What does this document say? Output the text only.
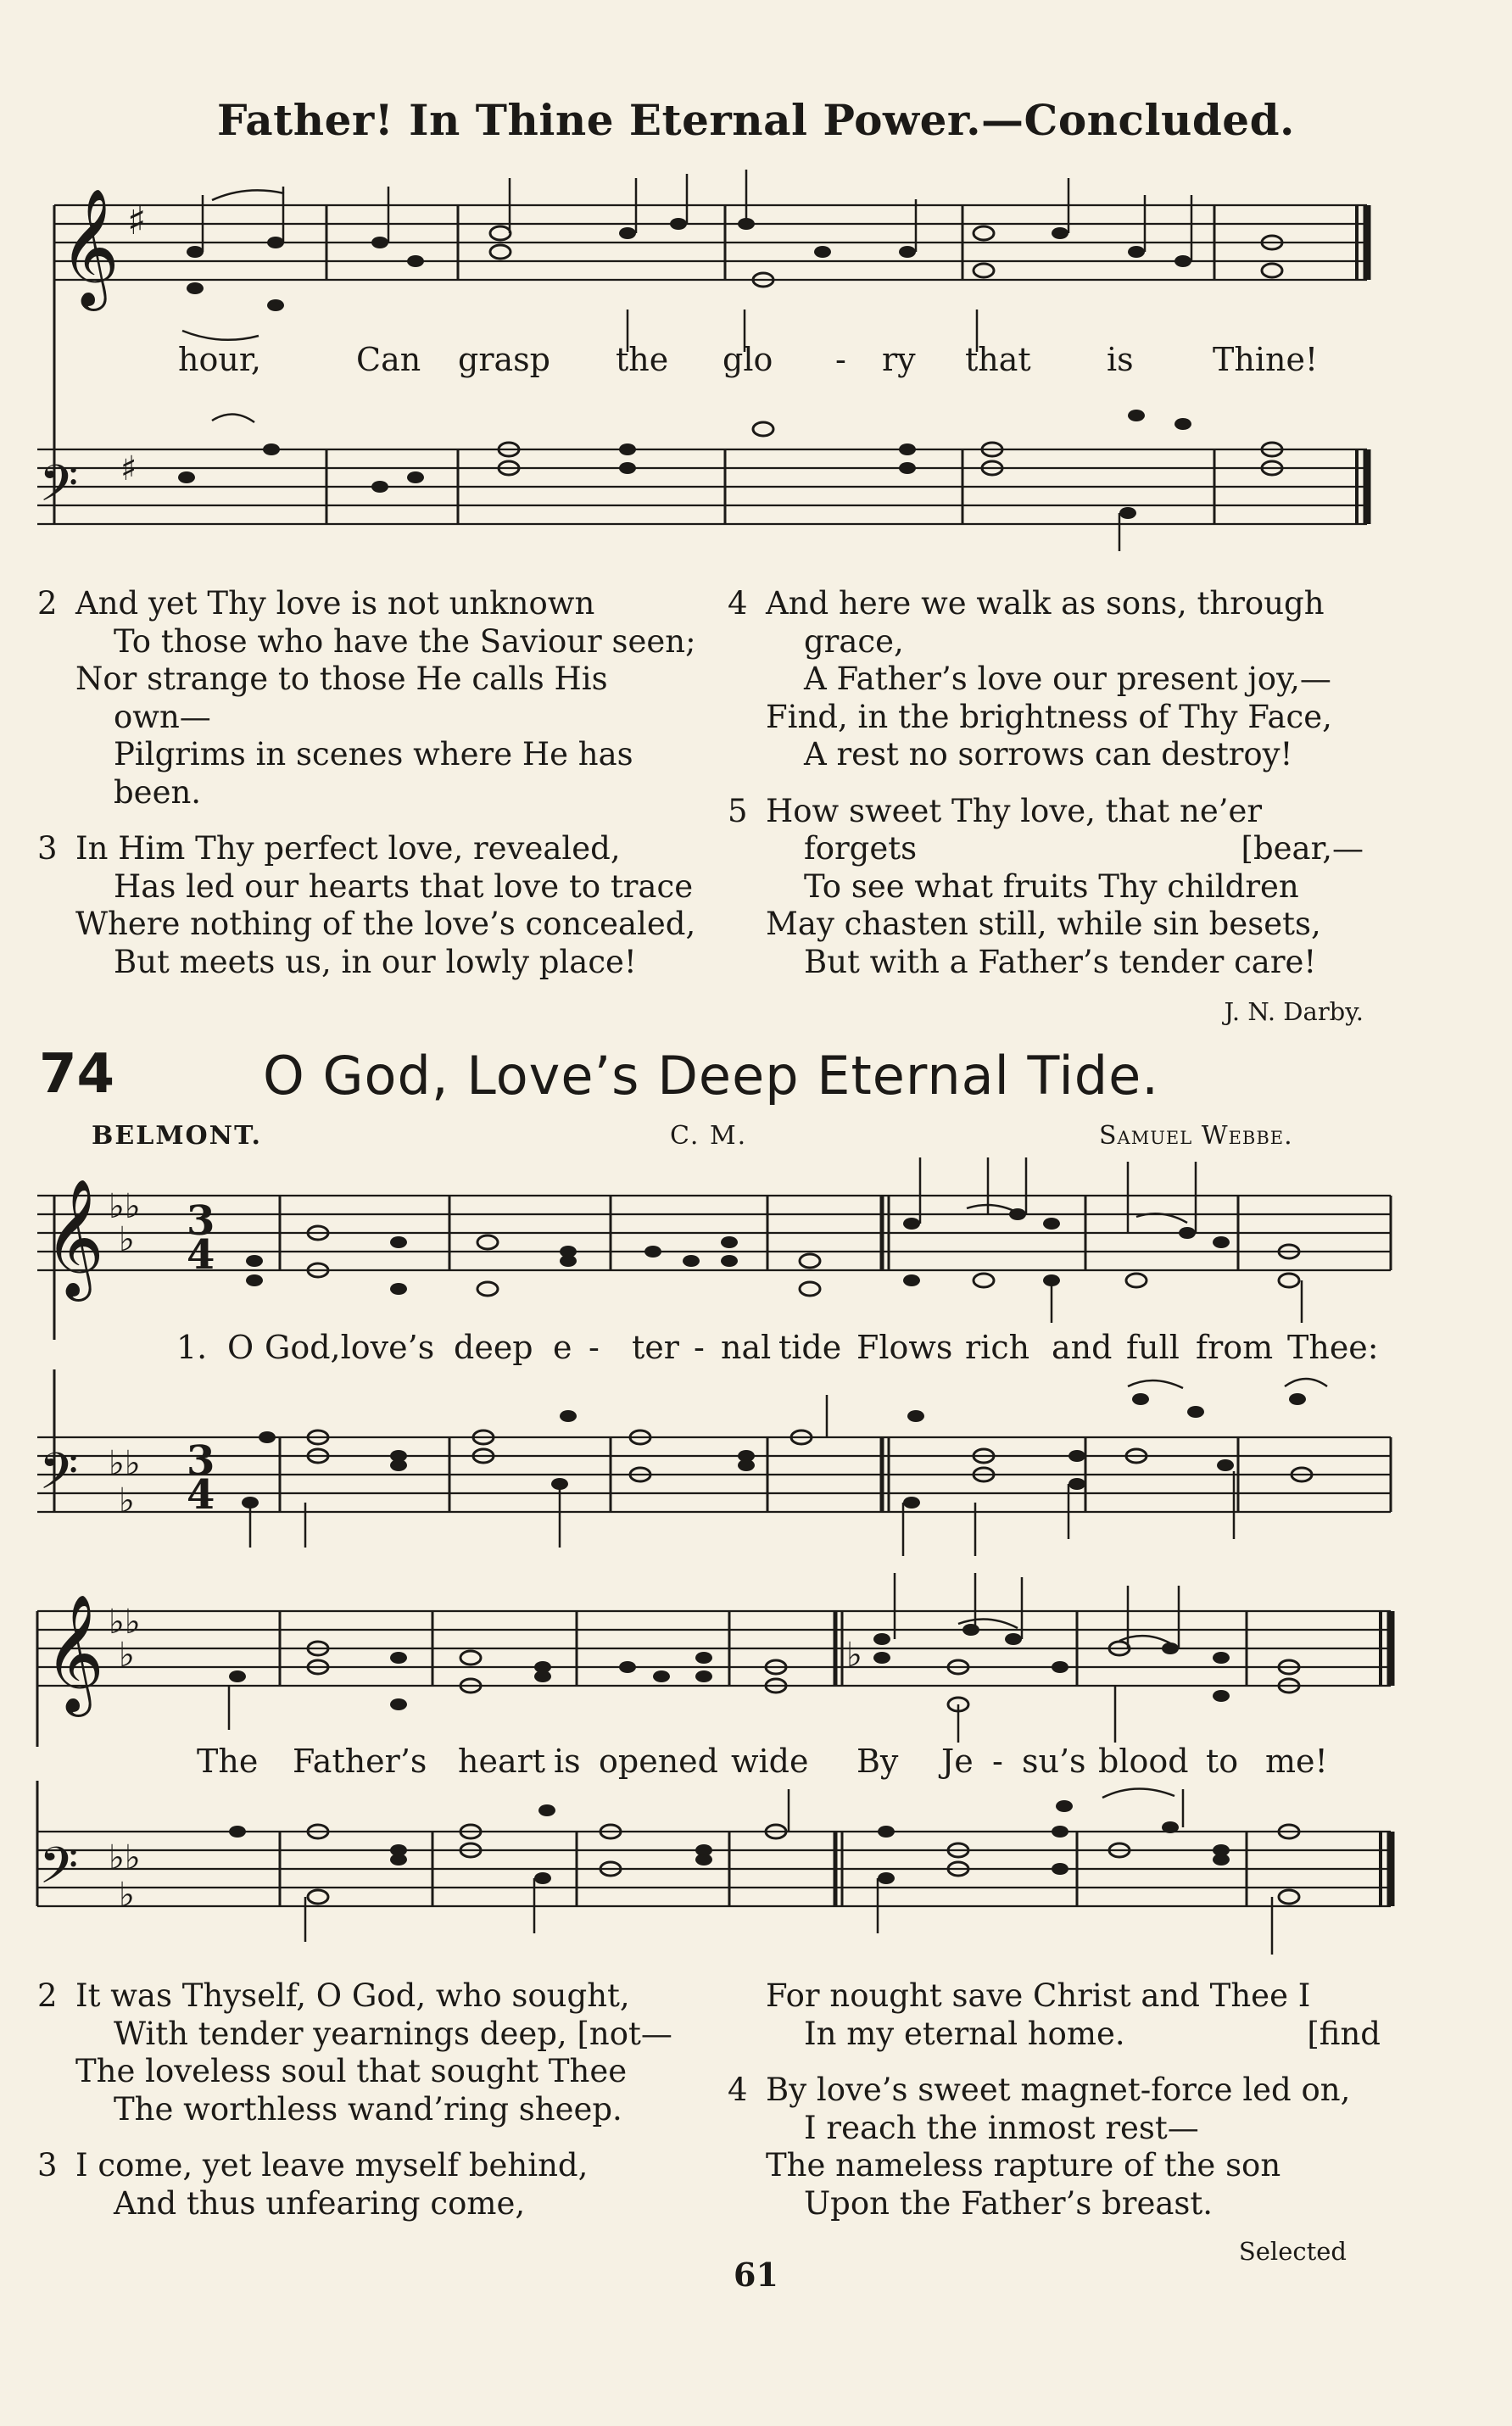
Father! In Thine Eternal Power.—Concluded.
𝄞 ♯
hour,	Can grasp the glo - ry that is Thine!
𝄢 ♯
2 And yet Thy love is not unknown
To those who have the Saviour seen;
Nor strange to those He calls His
own—
Pilgrims in scenes where He has
been.
3 In Him Thy perfect love, revealed,
Has led our hearts that love to trace
Where nothing of the love’s concealed,
But meets us, in our lowly place!
4 And here we walk as sons, through
grace,
A Father’s love our present joy,—
Find, in the brightness of Thy Face,
A rest no sorrows can destroy!
5 How sweet Thy love, that ne’er
forgets	[bear,—
To see what fruits Thy children
May chasten still, while sin besets,
But with a Father’s tender care!
J. N. Darby.
74	O God, Love’s Deep Eternal Tide.
BELMONT.	C. M.	Samuel Webbe.
𝄞 ♭♭
♭ 3
4
1. O God,love’s deep e - ter - nal tide Flows rich and full from Thee:
𝄢 ♭♭
♭
3
4
𝄞 ♭♭
♭	♭
The Father’s heart is opened wide By Je - su’s blood to me!
𝄢 ♭♭
♭
2 It was Thyself, O God, who sought,
With tender yearnings deep, [not—
The loveless soul that sought Thee
The worthless wand’ring sheep.
3 I come, yet leave myself behind,
And thus unfearing come,
For nought save Christ and Thee I
In my eternal home.	[find
4 By love’s sweet magnet-force led on,
I reach the inmost rest—
The nameless rapture of the son
Upon the Father’s breast.
Selected
61
